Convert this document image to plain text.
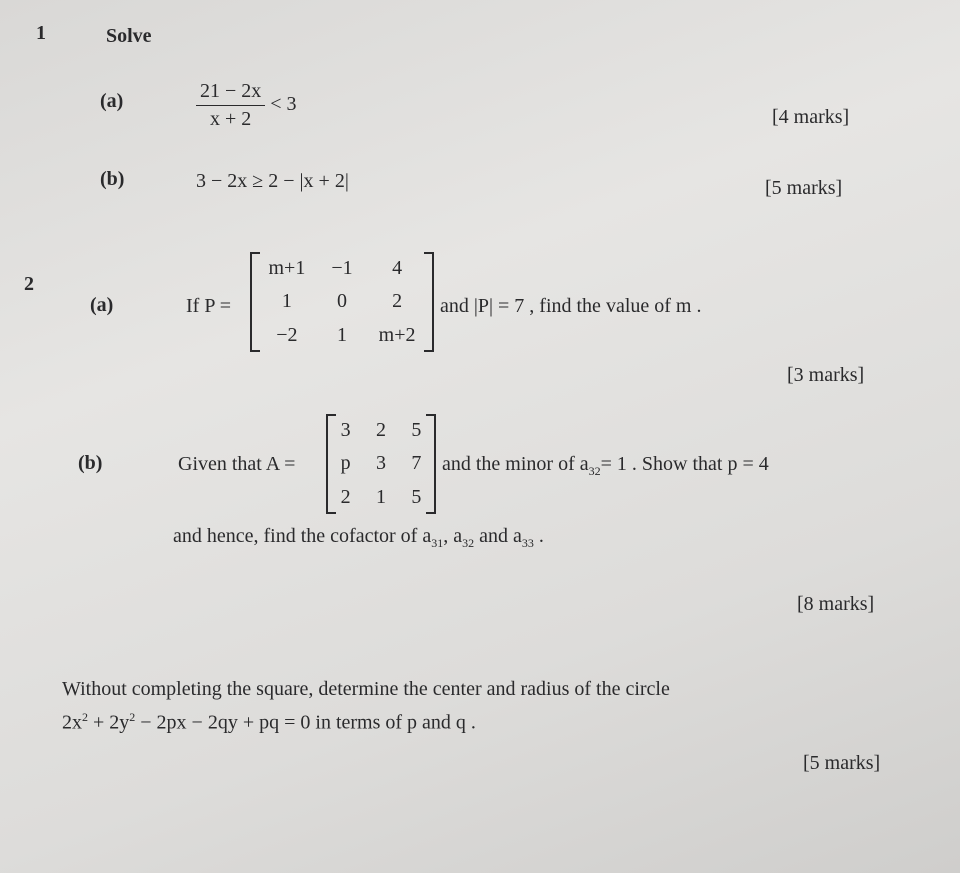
1	Solve
(a)	$\frac{21 - 2x}{x + 2} < 3$
[4 marks]
(b)	3 − 2x ≥ 2 − |x + 2|	[5 marks]
2
(a)	If P =
m+1	−1	4
1	0	2
−2	1	m+2
and |P| = 7 , find the value of m .
[3 marks]
(b)	Given that A =
3	2	5
p	3	7
2	1	5
and the minor of $a_{32}= 1$ . Show that p = 4
and hence, find the cofactor of $a_{31}$, $a_{32}$ and $a_{33}$ .
[8 marks]
Without completing the square, determine the center and radius of the circle
$2x^2 + 2y^2 - 2px - 2qy$ + pq = 0 in terms of p and q .
[5 marks]
